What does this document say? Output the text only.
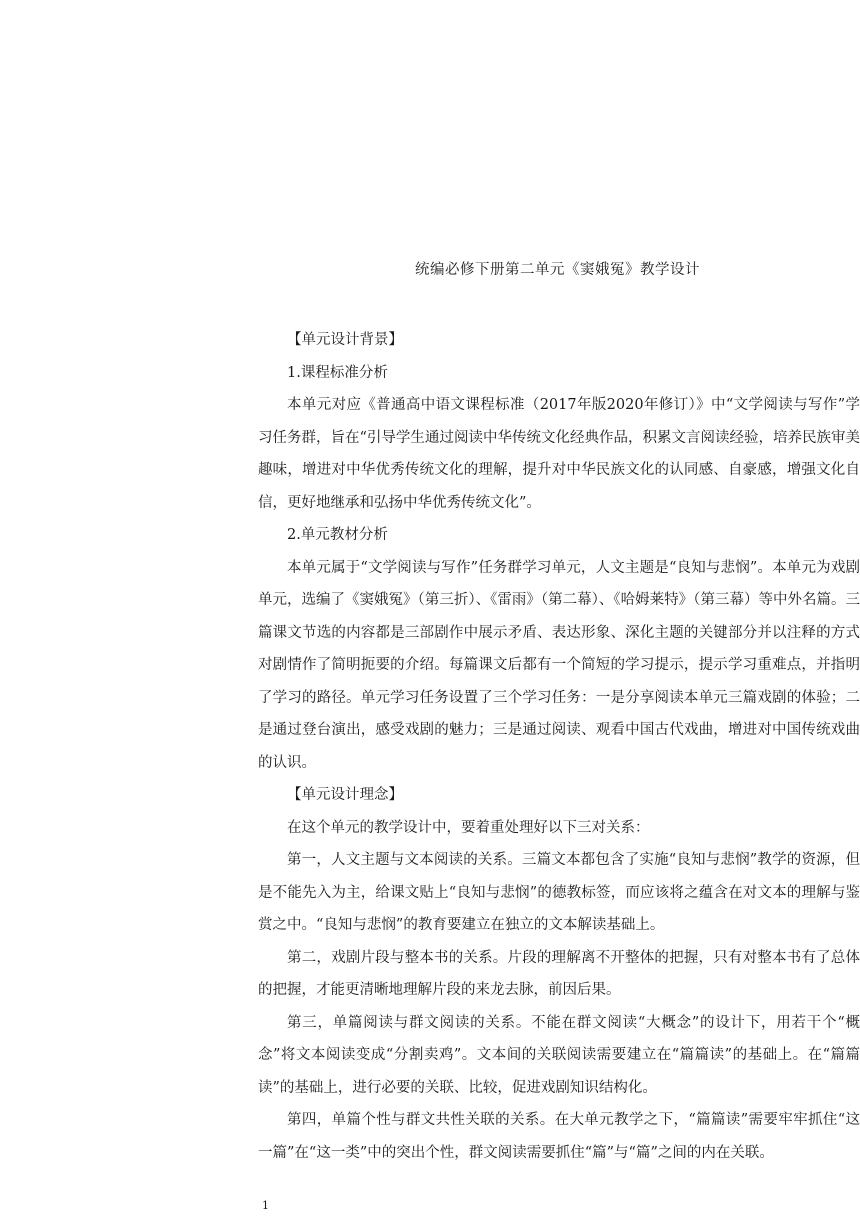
统编必修下册第二单元《窦娥冤》教学设计

【单元设计背景】

1.课程标准分析

本单元对应《普通高中语文课程标准（2017年版2020年修订）》中“文学阅读与写作”学习任务群，旨在“引导学生通过阅读中华传统文化经典作品，积累文言阅读经验，培养民族审美趣味，增进对中华优秀传统文化的理解，提升对中华民族文化的认同感、自豪感，增强文化自信，更好地继承和弘扬中华优秀传统文化”。

2.单元教材分析

本单元属于“文学阅读与写作”任务群学习单元，人文主题是“良知与悲悯”。本单元为戏剧单元，选编了《窦娥冤》（第三折）、《雷雨》（第二幕）、《哈姆莱特》（第三幕）等中外名篇。三篇课文节选的内容都是三部剧作中展示矛盾、表达形象、深化主题的关键部分并以注释的方式对剧情作了简明扼要的介绍。每篇课文后都有一个简短的学习提示，提示学习重难点，并指明了学习的路径。单元学习任务设置了三个学习任务：一是分享阅读本单元三篇戏剧的体验；二是通过登台演出，感受戏剧的魅力；三是通过阅读、观看中国古代戏曲，增进对中国传统戏曲的认识。

【单元设计理念】

在这个单元的教学设计中，要着重处理好以下三对关系：

第一，人文主题与文本阅读的关系。三篇文本都包含了实施“良知与悲悯”教学的资源，但是不能先入为主，给课文贴上“良知与悲悯”的德教标签，而应该将之蕴含在对文本的理解与鉴赏之中。“良知与悲悯”的教育要建立在独立的文本解读基础上。

第二，戏剧片段与整本书的关系。片段的理解离不开整体的把握，只有对整本书有了总体的把握，才能更清晰地理解片段的来龙去脉，前因后果。

第三，单篇阅读与群文阅读的关系。不能在群文阅读“大概念”的设计下，用若干个“概念”将文本阅读变成“分割卖鸡”。文本间的关联阅读需要建立在“篇篇读”的基础上。在“篇篇读”的基础上，进行必要的关联、比较，促进戏剧知识结构化。

第四，单篇个性与群文共性关联的关系。在大单元教学之下，“篇篇读”需要牢牢抓住“这一篇”在“这一类”中的突出个性，群文阅读需要抓住“篇”与“篇”之间的内在关联。

1
